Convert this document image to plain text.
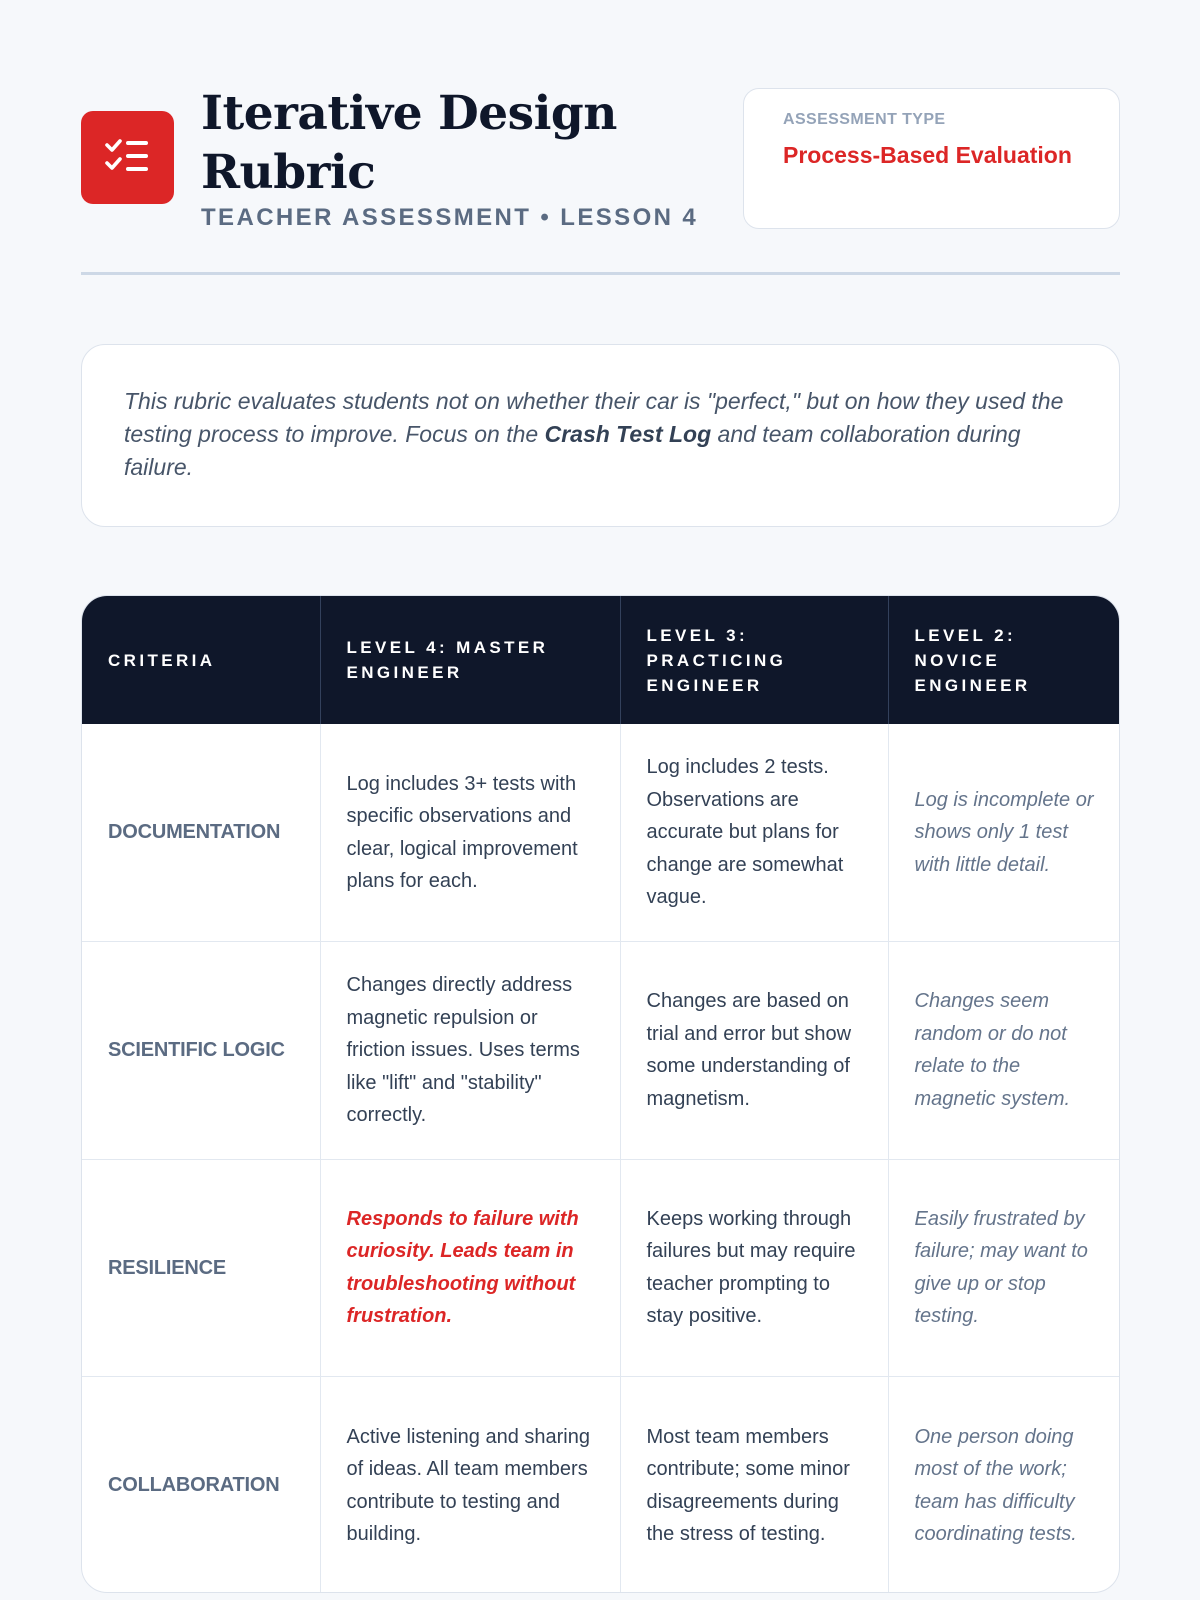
Iterative Design Rubric
TEACHER ASSESSMENT • LESSON 4
ASSESSMENT TYPE
Process-Based Evaluation

This rubric evaluates students not on whether their car is "perfect," but on how they used the testing process to improve. Focus on the Crash Test Log and team collaboration during failure.

CRITERIA	LEVEL 4: MASTER ENGINEER	LEVEL 3: PRACTICING ENGINEER	LEVEL 2: NOVICE ENGINEER
DOCUMENTATION	Log includes 3+ tests with specific observations and clear, logical improvement plans for each.	Log includes 2 tests. Observations are accurate but plans for change are somewhat vague.	Log is incomplete or shows only 1 test with little detail.
SCIENTIFIC LOGIC	Changes directly address magnetic repulsion or friction issues. Uses terms like "lift" and "stability" correctly.	Changes are based on trial and error but show some understanding of magnetism.	Changes seem random or do not relate to the magnetic system.
RESILIENCE	Responds to failure with curiosity. Leads team in troubleshooting without frustration.	Keeps working through failures but may require teacher prompting to stay positive.	Easily frustrated by failure; may want to give up or stop testing.
COLLABORATION	Active listening and sharing of ideas. All team members contribute to testing and building.	Most team members contribute; some minor disagreements during the stress of testing.	One person doing most of the work; team has difficulty coordinating tests.
